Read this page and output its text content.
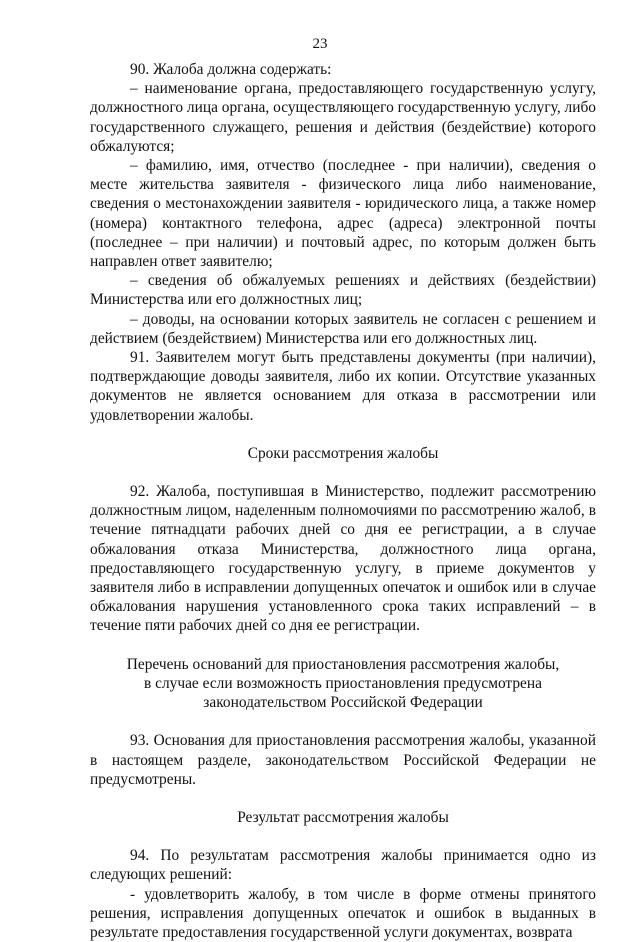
23

90. Жалоба должна содержать:

– наименование органа, предоставляющего государственную услугу, должностного лица органа, осуществляющего государственную услугу, либо государственного служащего, решения и действия (бездействие) которого обжалуются;

– фамилию, имя, отчество (последнее - при наличии), сведения о месте жительства заявителя - физического лица либо наименование, сведения о местонахождении заявителя - юридического лица, а также номер (номера) контактного телефона, адрес (адреса) электронной почты (последнее – при наличии) и почтовый адрес, по которым должен быть направлен ответ заявителю;

– сведения об обжалуемых решениях и действиях (бездействии) Министерства или его должностных лиц;

– доводы, на основании которых заявитель не согласен с решением и действием (бездействием) Министерства или его должностных лиц.

91. Заявителем могут быть представлены документы (при наличии), подтверждающие доводы заявителя, либо их копии. Отсутствие указанных документов не является основанием для отказа в рассмотрении или удовлетворении жалобы.

Сроки рассмотрения жалобы

92. Жалоба, поступившая в Министерство, подлежит рассмотрению должностным лицом, наделенным полномочиями по рассмотрению жалоб, в течение пятнадцати рабочих дней со дня ее регистрации, а в случае обжалования отказа Министерства, должностного лица органа, предоставляющего государственную услугу, в приеме документов у заявителя либо в исправлении допущенных опечаток и ошибок или в случае обжалования нарушения установленного срока таких исправлений – в течение пяти рабочих дней со дня ее регистрации.

Перечень оснований для приостановления рассмотрения жалобы,
в случае если возможность приостановления предусмотрена
законодательством Российской Федерации

93. Основания для приостановления рассмотрения жалобы, указанной в настоящем разделе, законодательством Российской Федерации не предусмотрены.

Результат рассмотрения жалобы

94. По результатам рассмотрения жалобы принимается одно из следующих решений:

- удовлетворить жалобу, в том числе в форме отмены принятого решения, исправления допущенных опечаток и ошибок в выданных в результате предоставления государственной услуги документах, возврата
